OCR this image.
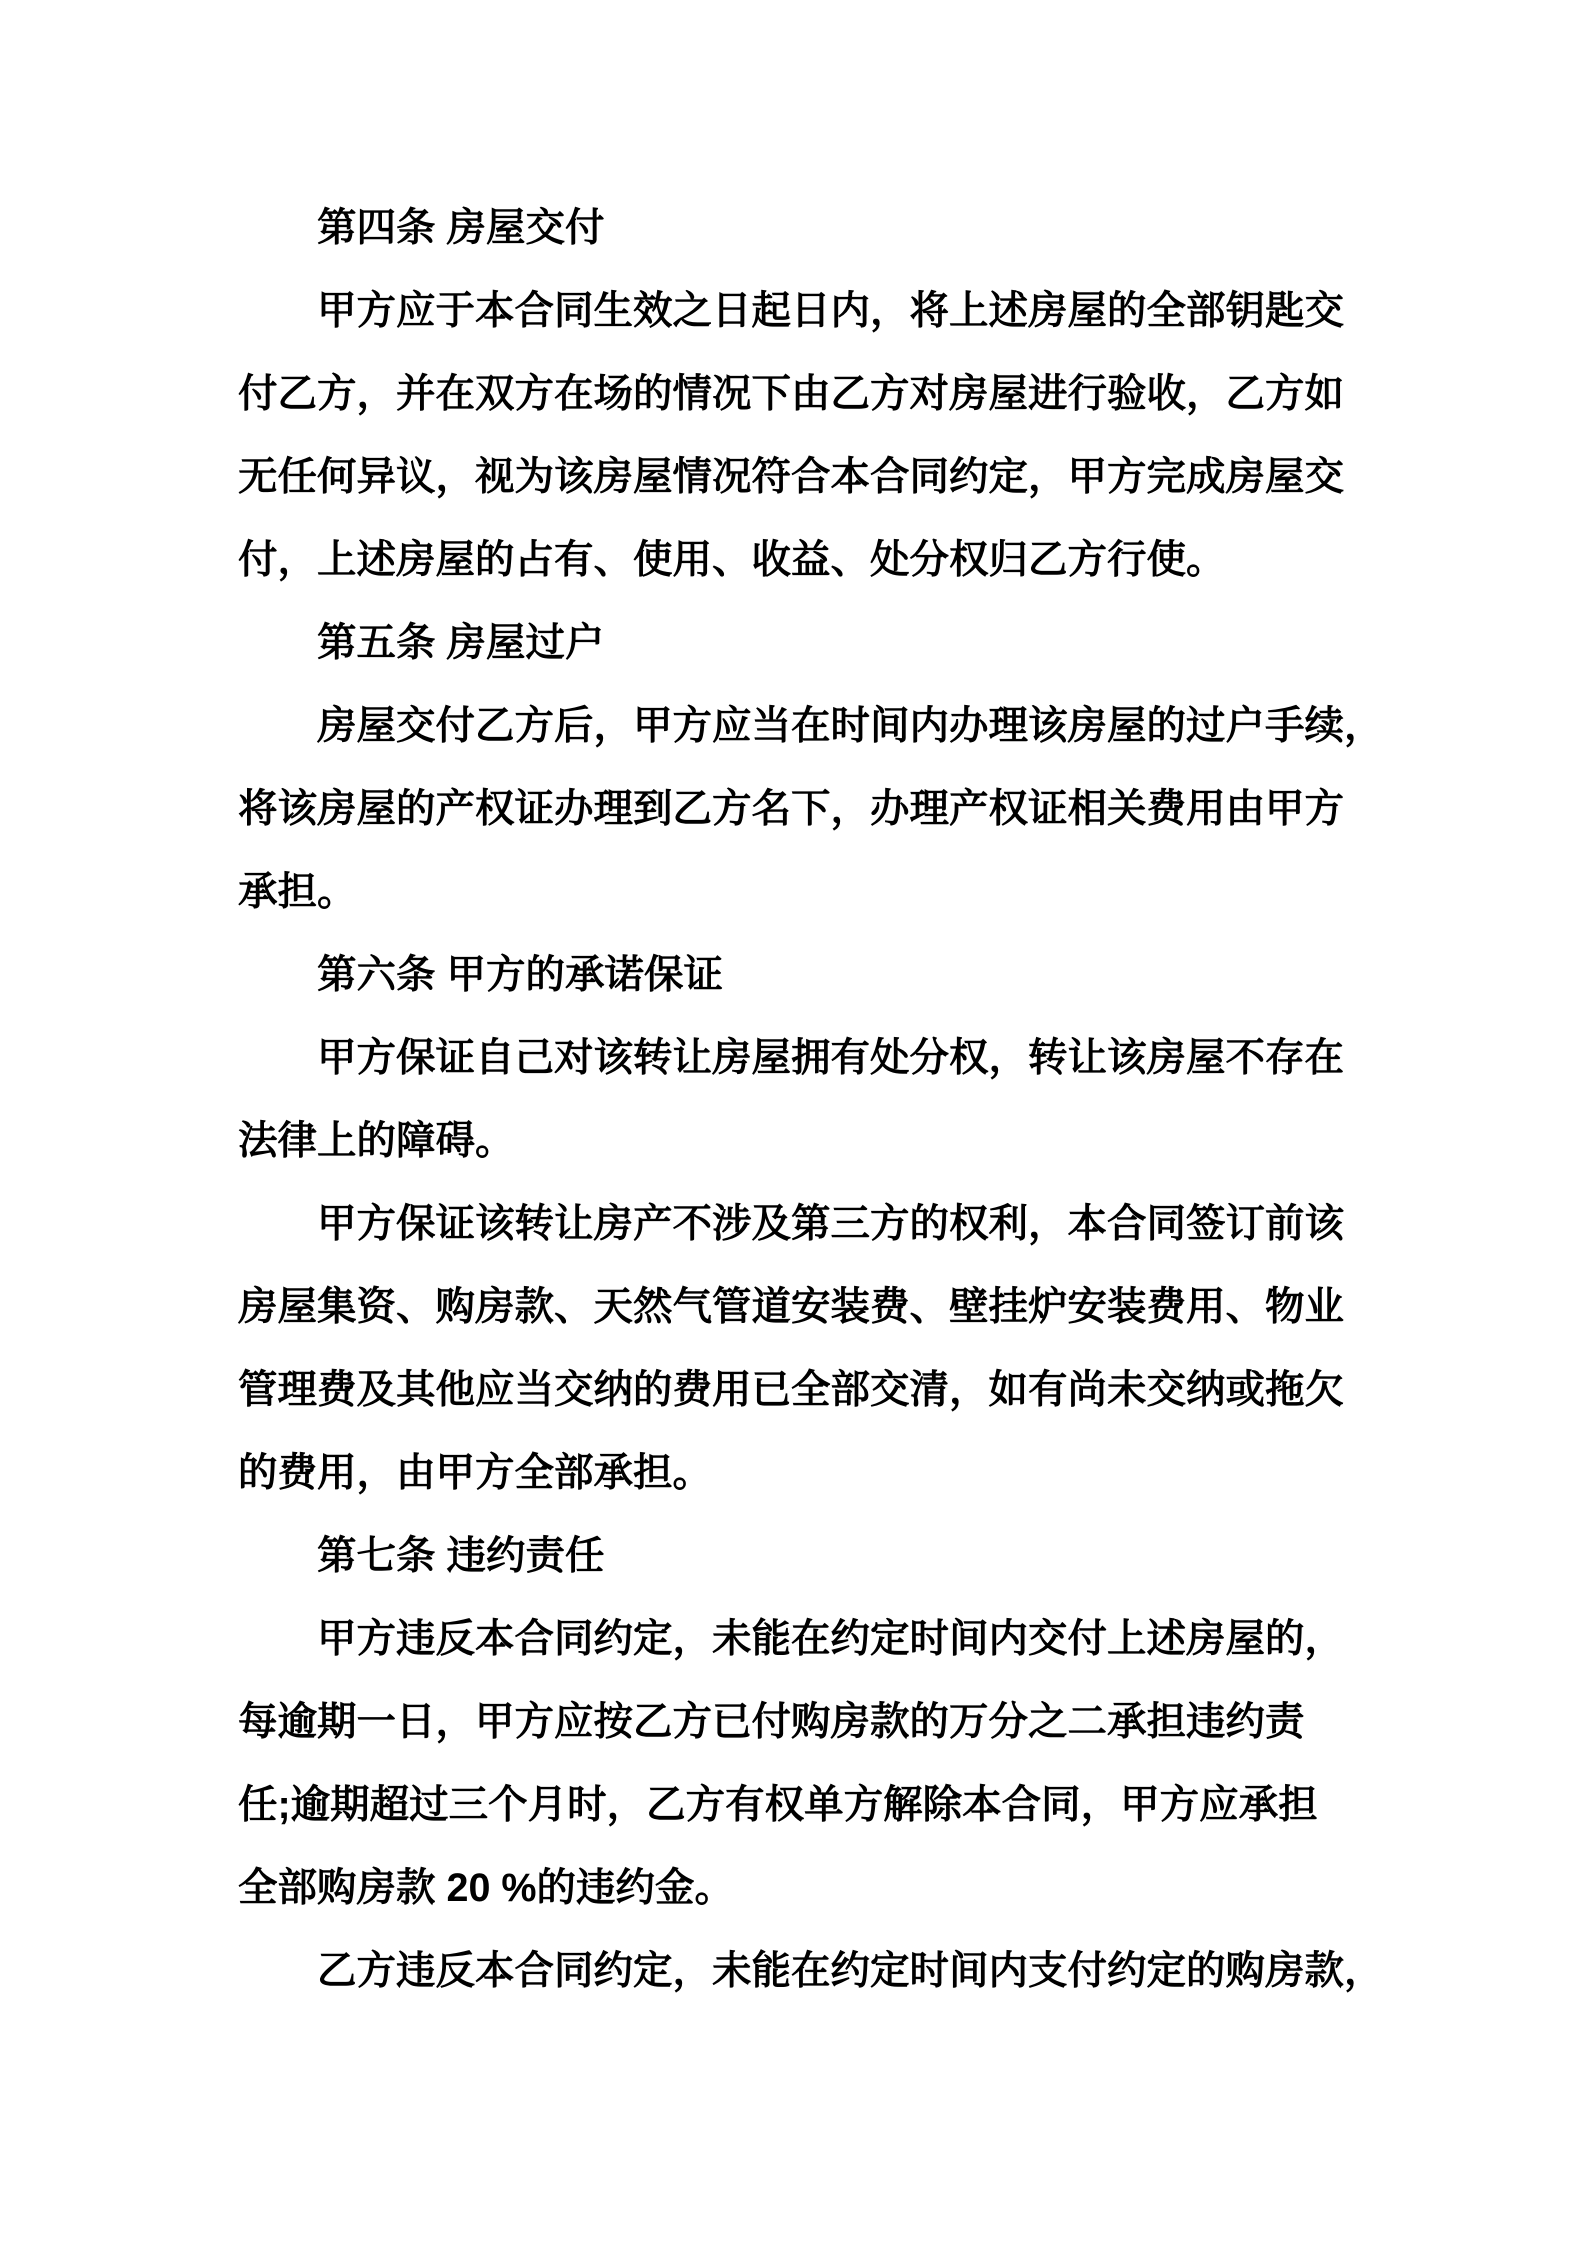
第四条 房屋交付
甲方应于本合同生效之日起日内，将上述房屋的全部钥匙交
付乙方，并在双方在场的情况下由乙方对房屋进行验收，乙方如
无任何异议，视为该房屋情况符合本合同约定，甲方完成房屋交
付，上述房屋的占有、使用、收益、处分权归乙方行使。
第五条 房屋过户
房屋交付乙方后，甲方应当在时间内办理该房屋的过户手续，
将该房屋的产权证办理到乙方名下，办理产权证相关费用由甲方
承担。
第六条 甲方的承诺保证
甲方保证自己对该转让房屋拥有处分权，转让该房屋不存在
法律上的障碍。
甲方保证该转让房产不涉及第三方的权利，本合同签订前该
房屋集资、购房款、天然气管道安装费、壁挂炉安装费用、物业
管理费及其他应当交纳的费用已全部交清，如有尚未交纳或拖欠
的费用，由甲方全部承担。
第七条 违约责任
甲方违反本合同约定，未能在约定时间内交付上述房屋的，
每逾期一日，甲方应按乙方已付购房款的万分之二承担违约责
任;逾期超过三个月时，乙方有权单方解除本合同，甲方应承担
全部购房款 20 %的违约金。
乙方违反本合同约定，未能在约定时间内支付约定的购房款，
